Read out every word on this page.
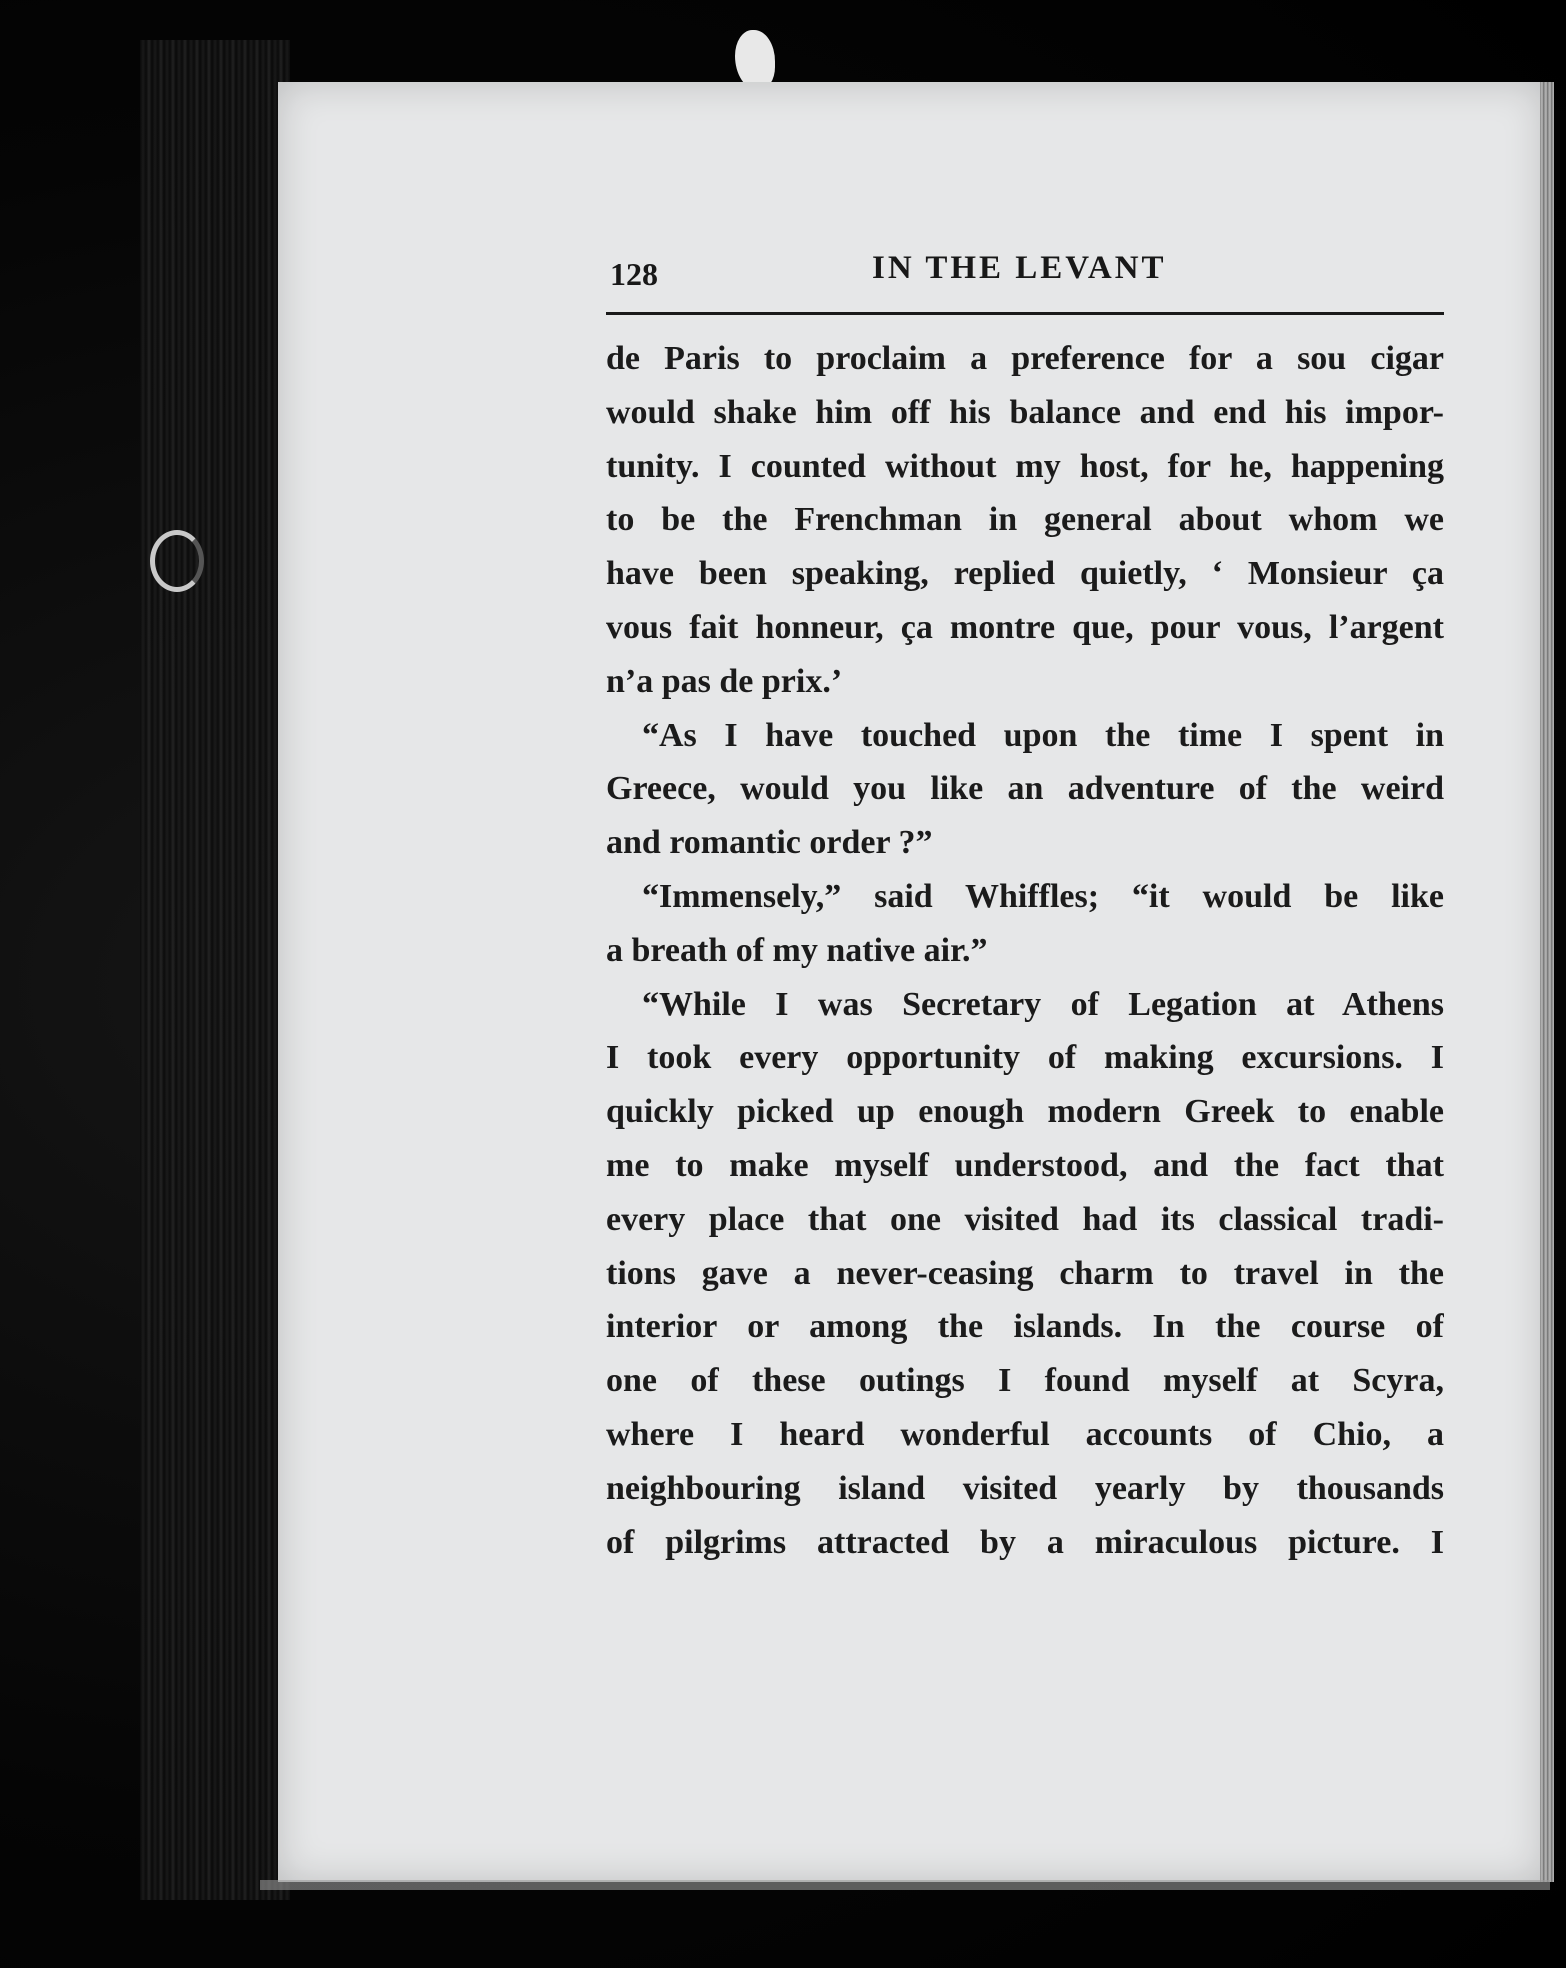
128	IN THE LEVANT
de Paris to proclaim a preference for a sou cigar
would shake him off his balance and end his impor-
tunity. I counted without my host, for he, happening
to be the Frenchman in general about whom we
have been speaking, replied quietly, ‘ Monsieur ça
vous fait honneur, ça montre que, pour vous, l’argent
n’a pas de prix.’
“As I have touched upon the time I spent in
Greece, would you like an adventure of the weird
and romantic order ?”
“Immensely,” said Whiffles; “it would be like
a breath of my native air.”
“While I was Secretary of Legation at Athens
I took every opportunity of making excursions. I
quickly picked up enough modern Greek to enable
me to make myself understood, and the fact that
every place that one visited had its classical tradi-
tions gave a never-ceasing charm to travel in the
interior or among the islands. In the course of
one of these outings I found myself at Scyra,
where I heard wonderful accounts of Chio, a
neighbouring island visited yearly by thousands
of pilgrims attracted by a miraculous picture. I
